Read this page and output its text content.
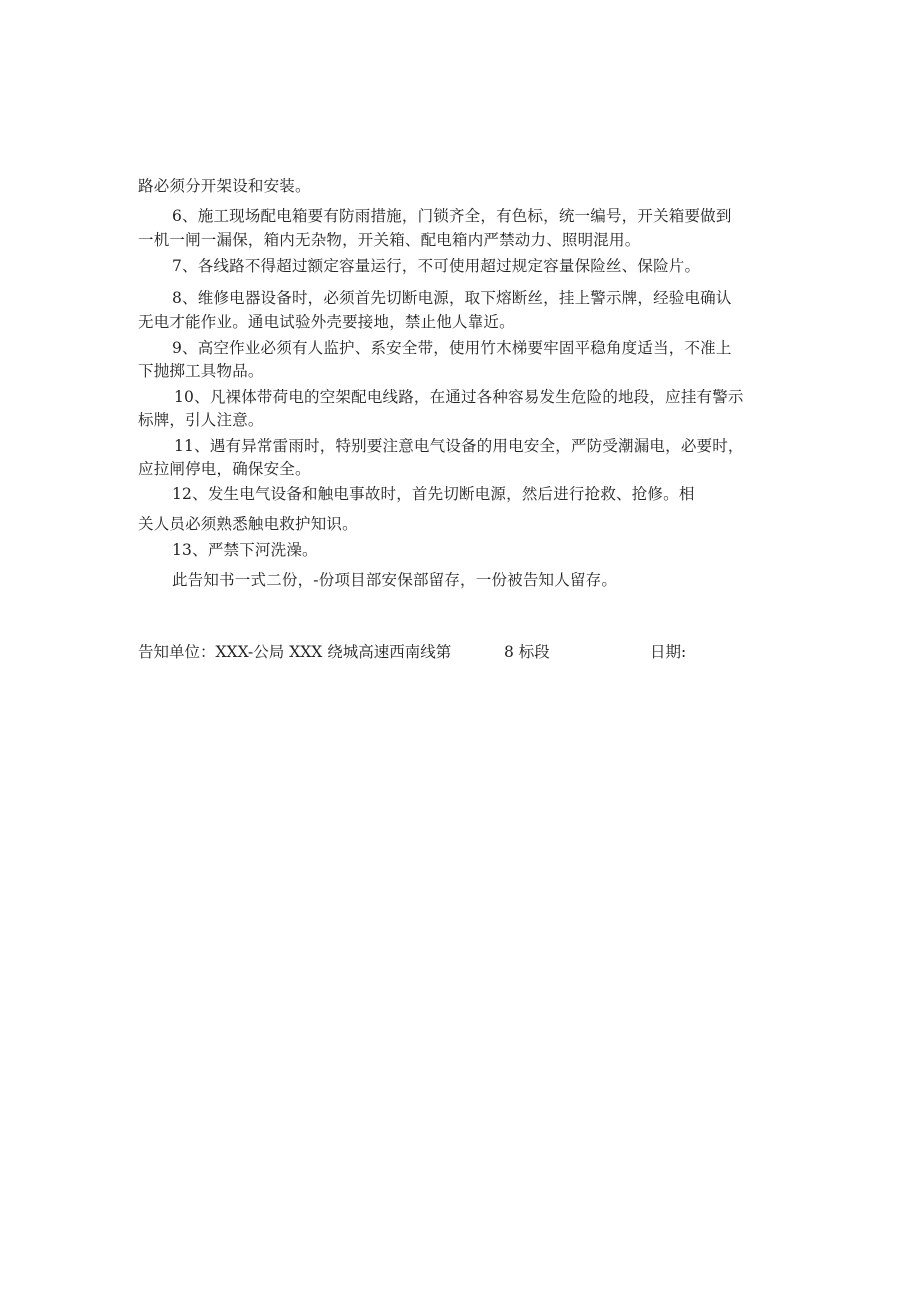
路必须分开架设和安装。
6、施工现场配电箱要有防雨措施，门锁齐全，有色标，统一编号，开关箱要做到
一机一闸一漏保，箱内无杂物，开关箱、配电箱内严禁动力、照明混用。
7、各线路不得超过额定容量运行，不可使用超过规定容量保险丝、保险片。
8、维修电器设备时，必须首先切断电源，取下熔断丝，挂上警示牌，经验电确认
无电才能作业。通电试验外壳要接地，禁止他人靠近。
9、高空作业必须有人监护、系安全带，使用竹木梯要牢固平稳角度适当，不准上
下抛掷工具物品。
10、凡裸体带荷电的空架配电线路，在通过各种容易发生危险的地段，应挂有警示
标牌，引人注意。
11、遇有异常雷雨时，特别要注意电气设备的用电安全，严防受潮漏电，必要时，
应拉闸停电，确保安全。
12、发生电气设备和触电事故时，首先切断电源，然后进行抢救、抢修。相
关人员必须熟悉触电救护知识。
13、严禁下河洗澡。
此告知书一式二份，-份项目部安保部留存，一份被告知人留存。
告知单位：XXX-公局 XXX 绕城高速西南线第	8 标段	日期:
